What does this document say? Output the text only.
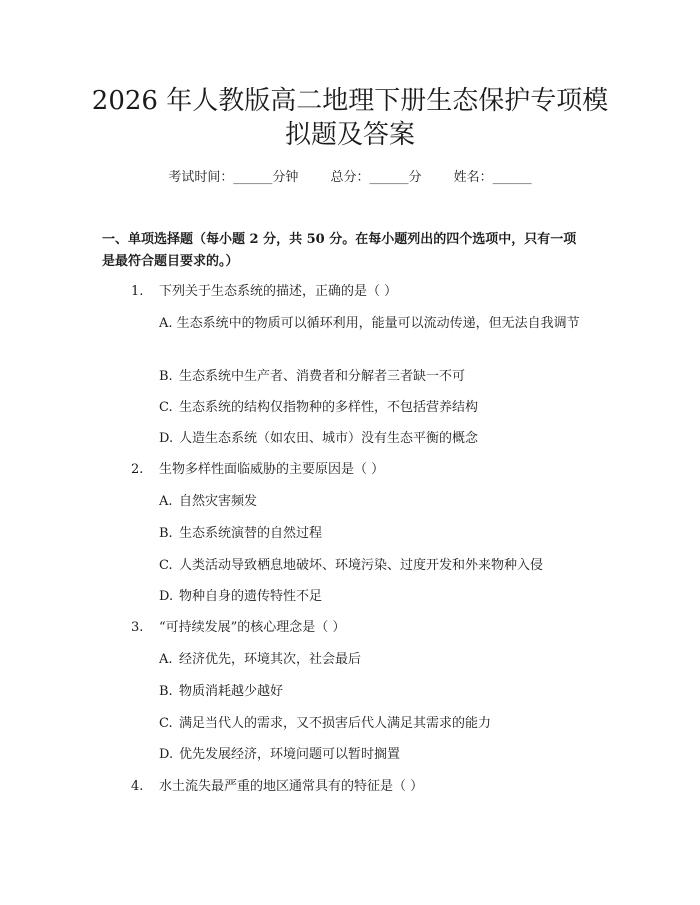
2026 年人教版高二地理下册生态保护专项模
拟题及答案
考试时间：______分钟 总分：______分 姓名：______

一、单项选择题（每小题 2 分，共 50 分。在每小题列出的四个选项中，只有一项

是最符合题目要求的。）

1. 下列关于生态系统的描述，正确的是（ ）

A. 生态系统中的物质可以循环利用，能量可以流动传递，但无法自我调节

B. 生态系统中生产者、消费者和分解者三者缺一不可

C. 生态系统的结构仅指物种的多样性，不包括营养结构

D. 人造生态系统（如农田、城市）没有生态平衡的概念

2. 生物多样性面临威胁的主要原因是（ ）

A. 自然灾害频发

B. 生态系统演替的自然过程

C. 人类活动导致栖息地破坏、环境污染、过度开发和外来物种入侵

D. 物种自身的遗传特性不足

3. “可持续发展”的核心理念是（ ）

A. 经济优先，环境其次，社会最后

B. 物质消耗越少越好

C. 满足当代人的需求，又不损害后代人满足其需求的能力

D. 优先发展经济，环境问题可以暂时搁置

4. 水土流失最严重的地区通常具有的特征是（ ）
